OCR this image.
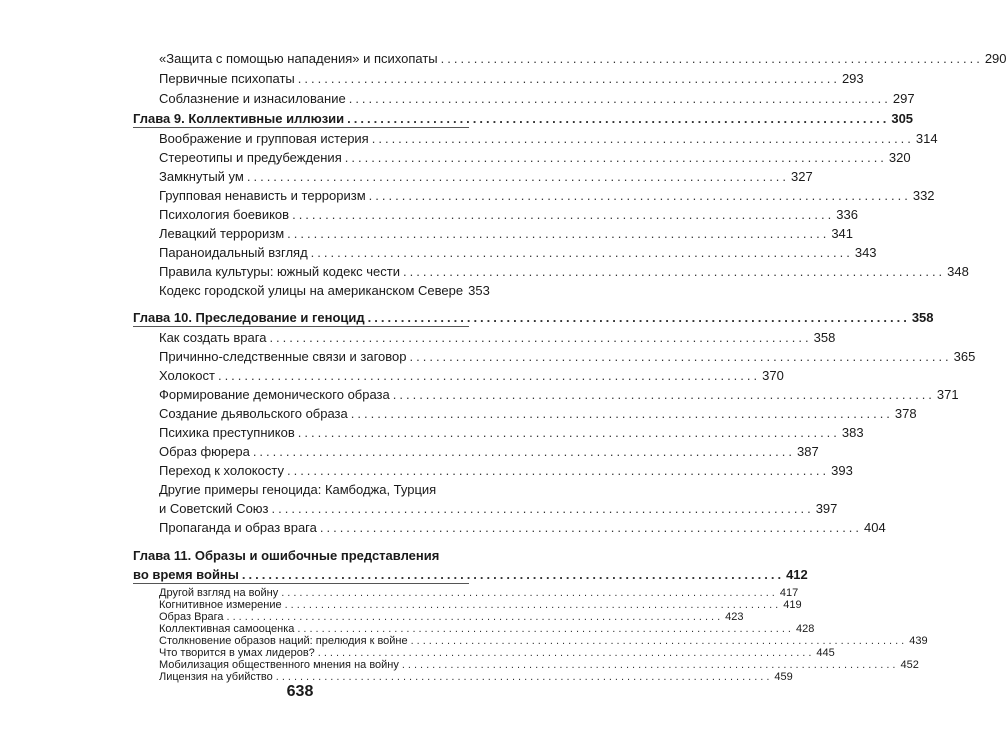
«Защита с помощью нападения» и психопаты .................................................................................. 290
Первичные психопаты .................................................................................. 293
Соблазнение и изнасилование .................................................................................. 297
Глава 9. Коллективные иллюзии .................................................................................. 305
Воображение и групповая истерия .................................................................................. 314
Стереотипы и предубеждения .................................................................................. 320
Замкнутый ум .................................................................................. 327
Групповая ненависть и терроризм .................................................................................. 332
Психология боевиков .................................................................................. 336
Левацкий терроризм .................................................................................. 341
Параноидальный взгляд .................................................................................. 343
Правила культуры: южный кодекс чести .................................................................................. 348
Кодекс городской улицы на американском Севере 353
Глава 10. Преследование и геноцид .................................................................................. 358
Как создать врага .................................................................................. 358
Причинно-следственные связи и заговор .................................................................................. 365
Холокост .................................................................................. 370
Формирование демонического образа .................................................................................. 371
Создание дьявольского образа .................................................................................. 378
Психика преступников .................................................................................. 383
Образ фюрера .................................................................................. 387
Переход к холокосту .................................................................................. 393
Другие примеры геноцида: Камбоджа, Турция
и Советский Союз .................................................................................. 397
Пропаганда и образ врага .................................................................................. 404
Глава 11. Образы и ошибочные представления
во время войны .................................................................................. 412
Другой взгляд на войну .................................................................................. 417
Когнитивное измерение .................................................................................. 419
Образ Врага .................................................................................. 423
Коллективная самооценка .................................................................................. 428
Столкновение образов наций: прелюдия к войне .................................................................................. 439
638
Что творится в умах лидеров? .................................................................................. 445
Мобилизация общественного мнения на войну .................................................................................. 452
Лицензия на убийство .................................................................................. 459
